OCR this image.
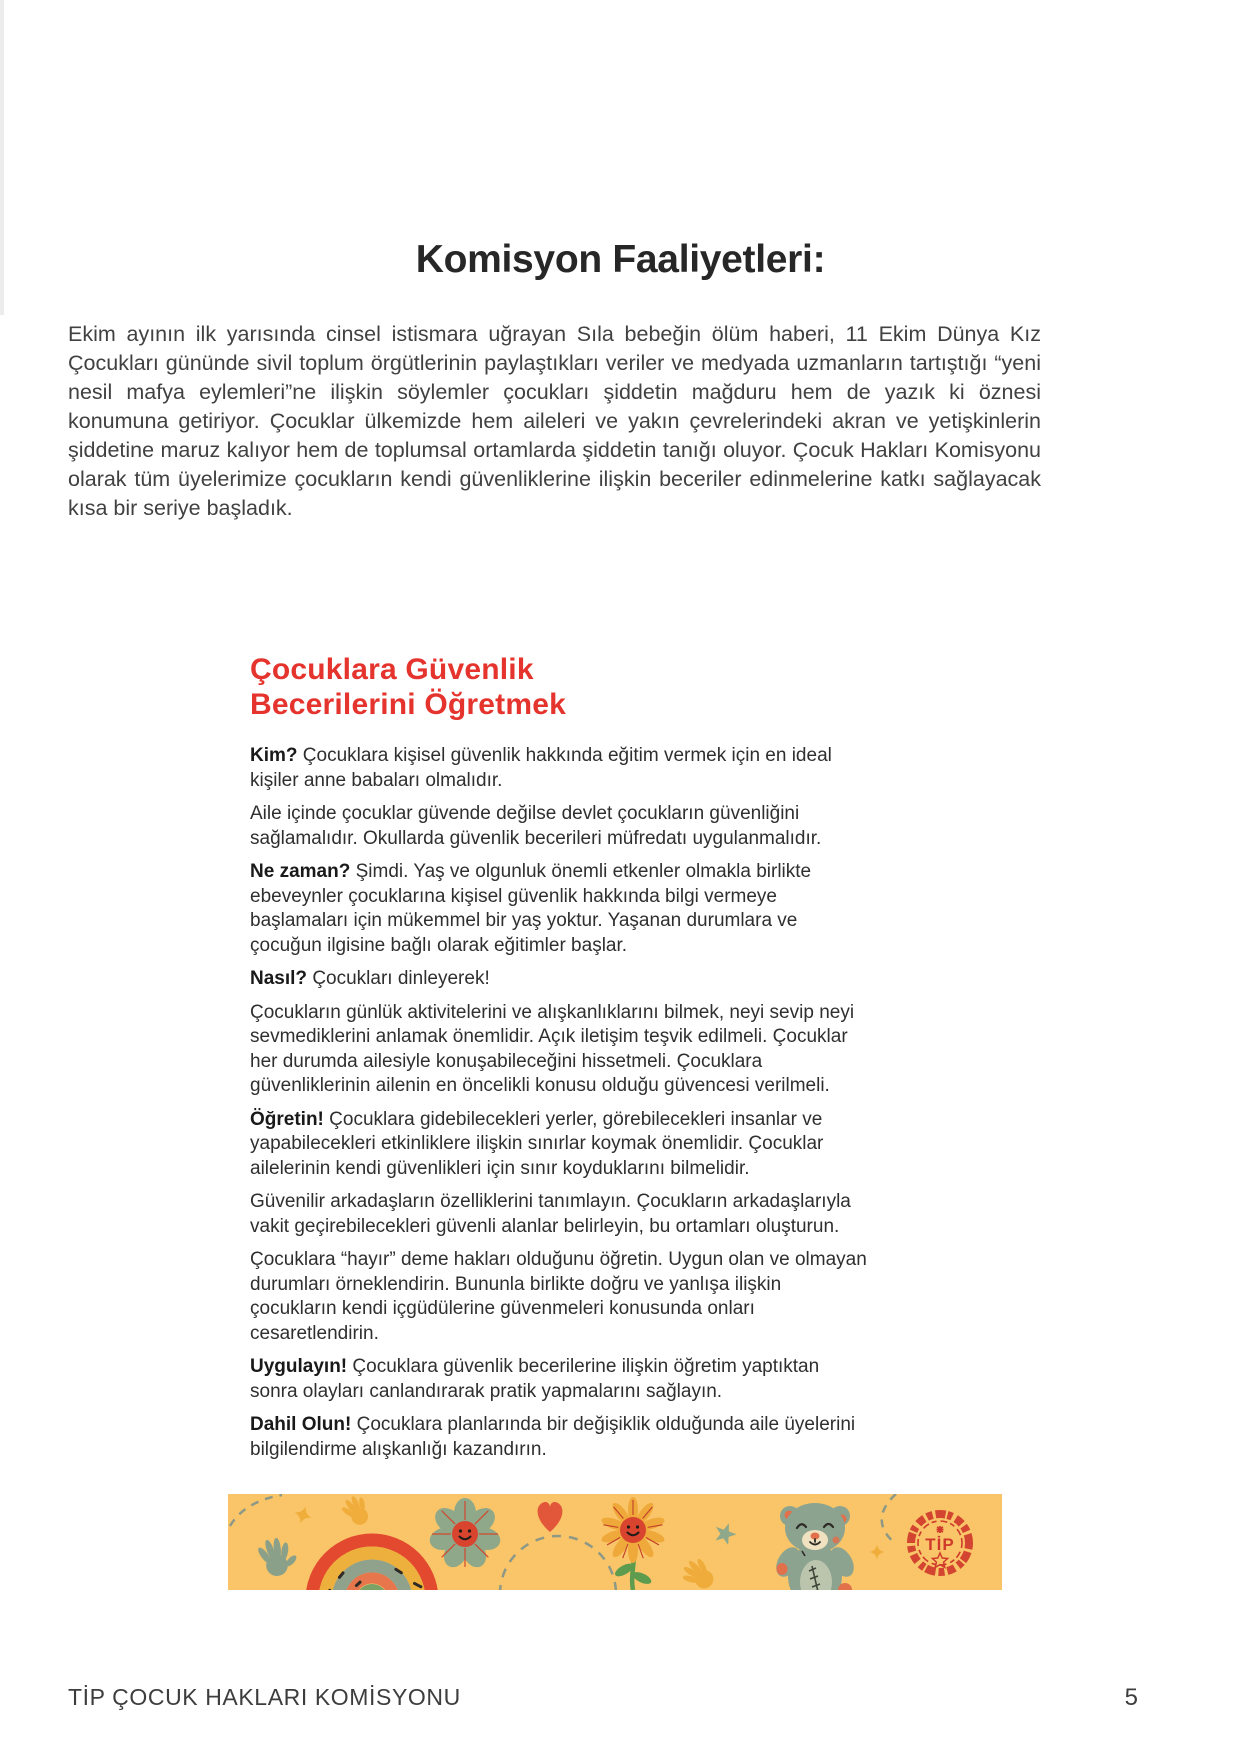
Komisyon Faaliyetleri:

Ekim ayının ilk yarısında cinsel istismara uğrayan Sıla bebeğin ölüm haberi, 11 Ekim Dünya Kız Çocukları gününde sivil toplum örgütlerinin paylaştıkları veriler ve medyada uzmanların tartıştığı “yeni nesil mafya eylemleri”ne ilişkin söylemler çocukları şiddetin mağduru hem de yazık ki öznesi konumuna getiriyor. Çocuklar ülkemizde hem aileleri ve yakın çevrelerindeki akran ve yetişkinlerin şiddetine maruz kalıyor hem de toplumsal ortamlarda şiddetin tanığı oluyor. Çocuk Hakları Komisyonu olarak tüm üyelerimize çocukların kendi güvenliklerine ilişkin beceriler edinmelerine katkı sağlayacak kısa bir seriye başladık.

Çocuklara Güvenlik
Becerilerini Öğretmek

Kim? Çocuklara kişisel güvenlik hakkında eğitim vermek için en ideal kişiler anne babaları olmalıdır.

Aile içinde çocuklar güvende değilse devlet çocukların güvenliğini sağlamalıdır. Okullarda güvenlik becerileri müfredatı uygulanmalıdır.

Ne zaman? Şimdi. Yaş ve olgunluk önemli etkenler olmakla birlikte ebeveynler çocuklarına kişisel güvenlik hakkında bilgi vermeye başlamaları için mükemmel bir yaş yoktur. Yaşanan durumlara ve çocuğun ilgisine bağlı olarak eğitimler başlar.

Nasıl? Çocukları dinleyerek!

Çocukların günlük aktivitelerini ve alışkanlıklarını bilmek, neyi sevip neyi sevmediklerini anlamak önemlidir. Açık iletişim teşvik edilmeli. Çocuklar her durumda ailesiyle konuşabileceğini hissetmeli. Çocuklara güvenliklerinin ailenin en öncelikli konusu olduğu güvencesi verilmeli.

Öğretin! Çocuklara gidebilecekleri yerler, görebilecekleri insanlar ve yapabilecekleri etkinliklere ilişkin sınırlar koymak önemlidir. Çocuklar ailelerinin kendi güvenlikleri için sınır koyduklarını bilmelidir.

Güvenilir arkadaşların özelliklerini tanımlayın. Çocukların arkadaşlarıyla vakit geçirebilecekleri güvenli alanlar belirleyin, bu ortamları oluşturun.

Çocuklara “hayır” deme hakları olduğunu öğretin. Uygun olan ve olmayan durumları örneklendirin. Bununla birlikte doğru ve yanlışa ilişkin çocukların kendi içgüdülerine güvenmeleri konusunda onları cesaretlendirin.

Uygulayın! Çocuklara güvenlik becerilerine ilişkin öğretim yaptıktan sonra olayları canlandırarak pratik yapmalarını sağlayın.

Dahil Olun! Çocuklara planlarında bir değişiklik olduğunda aile üyelerini bilgilendirme alışkanlığı kazandırın.

TİP
TİP ÇOCUK HAKLARI KOMİSYONU	5
